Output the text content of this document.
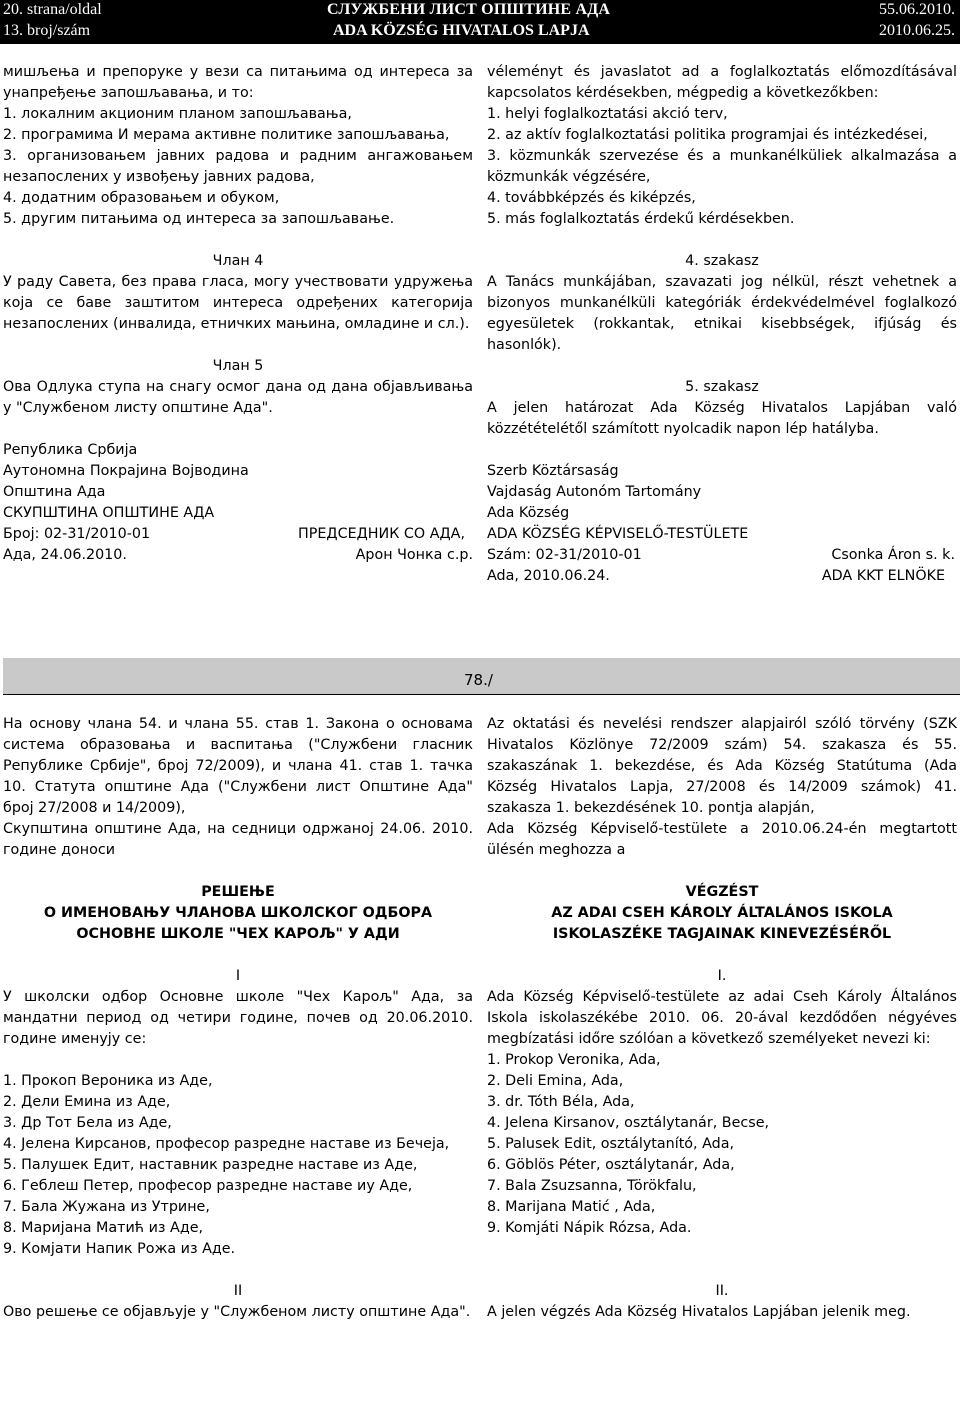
20. strana/oldal
13. broj/szám
СЛУЖБЕНИ ЛИСТ ОПШТИНЕ АДА
ADA KÖZSÉG HIVATALOS LAPJA
55.06.2010.
2010.06.25.

мишљења и препоруке у вези са питањима од интереса за унапређење запошљавања, и то:

1. локалним акционим планом запошљавања,

2. програмима И мерама активне политике запошљавања,

3. организовањем јавних радова и радним ангажовањем незапослених у извођењу јавних радова,

4. додатним образовањем и обуком,

5. другим питањима од интереса за запошљавање.

Члан 4

У раду Савета, без права гласа, могу учествовати удружења која се баве заштитом интереса одређених категорија незапослених (инвалида, етничких мањина, омладине и сл.).

Члан 5

Ова Одлука ступа на снагу осмог дана од дана објављивања у "Службеном листу општине Ада".

Република Србија

Аутономна Покрајина Војводина

Општина Ада

СКУПШТИНА ОПШТИНЕ АДА

Број: 02-31/2010-01	ПРЕДСЕДНИК СО АДА,
Ада, 24.06.2010.	Арон Чонка с.р.

véleményt és javaslatot ad a foglalkoztatás előmozdításával kapcsolatos kérdésekben, mégpedig a következőkben:

1. helyi foglalkoztatási akció terv,

2. az aktív foglalkoztatási politika programjai és intézkedései,

3. közmunkák szervezése és a munkanélküliek alkalmazása a közmunkák végzésére,

4. továbbképzés és kiképzés,

5. más foglalkoztatás érdekű kérdésekben.

4. szakasz

A Tanács munkájában, szavazati jog nélkül, részt vehetnek a bizonyos munkanélküli kategóriák érdekvédelmével foglalkozó egyesületek (rokkantak, etnikai kisebbségek, ifjúság és hasonlók).

5. szakasz

A jelen határozat Ada Község Hivatalos Lapjában való közzétételétől számított nyolcadik napon lép hatályba.

Szerb Köztársaság

Vajdaság Autonóm Tartomány

Ada Község

ADA KÖZSÉG KÉPVISELŐ-TESTÜLETE

Szám: 02-31/2010-01	Csonka Áron s. k.
Ada, 2010.06.24.	ADA KKT ELNÖKE
78./

На основу члана 54. и члана 55. став 1. Закона о основама система образовања и васпитања ("Службени гласник Републике Србије", број 72/2009), и члана 41. став 1. тачка 10. Статута општине Ада ("Службени лист Општине Ада" број 27/2008 и 14/2009),

Скупштина општине Ада, на седници одржаној 24.06. 2010. године доноси

РЕШЕЊЕ

О ИМЕНОВАЊУ ЧЛАНОВА ШКОЛСКОГ ОДБОРА

ОСНОВНЕ ШКОЛЕ "ЧЕХ КАРОЉ" У АДИ

I

У школски одбор Основне школе "Чех Карољ" Ада, за мандатни период од четири године, почев од 20.06.2010. године именују се:

1. Прокоп Вероника из Аде,

2. Дели Емина из Аде,

3. Др Тот Бела из Аде,

4. Јелена Кирсанов, професор разредне наставе из Бечеја,

5. Палушек Едит, наставник разредне наставе из Аде,

6. Геблеш Петер, професор разредне наставе иу Аде,

7. Бала Жужана из Утрине,

8. Маријана Матић из Аде,

9. Комјати Напик Рожа из Аде.

II

Ово решење се објављује у "Службеном листу општине Ада".

Az oktatási és nevelési rendszer alapjairól szóló törvény (SZK Hivatalos Közlönye 72/2009 szám) 54. szakasza és 55. szakaszának 1. bekezdése, és Ada Község Statútuma (Ada Község Hivatalos Lapja, 27/2008 és 14/2009 számok) 41. szakasza 1. bekezdésének 10. pontja alapján,

Ada Község Képviselő-testülete a 2010.06.24-én megtartott ülésén meghozza a

VÉGZÉST

AZ ADAI CSEH KÁROLY ÁLTALÁNOS ISKOLA

ISKOLASZÉKE TAGJAINAK KINEVEZÉSÉRŐL

I.

Ada Község Képviselő-testülete az adai Cseh Károly Általános Iskola iskolaszékébe 2010. 06. 20-ával kezdődően négyéves megbízatási időre szólóan a következő személyeket nevezi ki:

1. Prokop Veronika, Ada,

2. Deli Emina, Ada,

3. dr. Tóth Béla, Ada,

4. Jelena Kirsanov, osztálytanár, Becse,

5. Palusek Edit, osztálytanító, Ada,

6. Göblös Péter, osztálytanár, Ada,

7. Bala Zsuzsanna, Törökfalu,

8. Marijana Matić , Ada,

9. Komjáti Nápik Rózsa, Ada.

II.

A jelen végzés Ada Község Hivatalos Lapjában jelenik meg.
